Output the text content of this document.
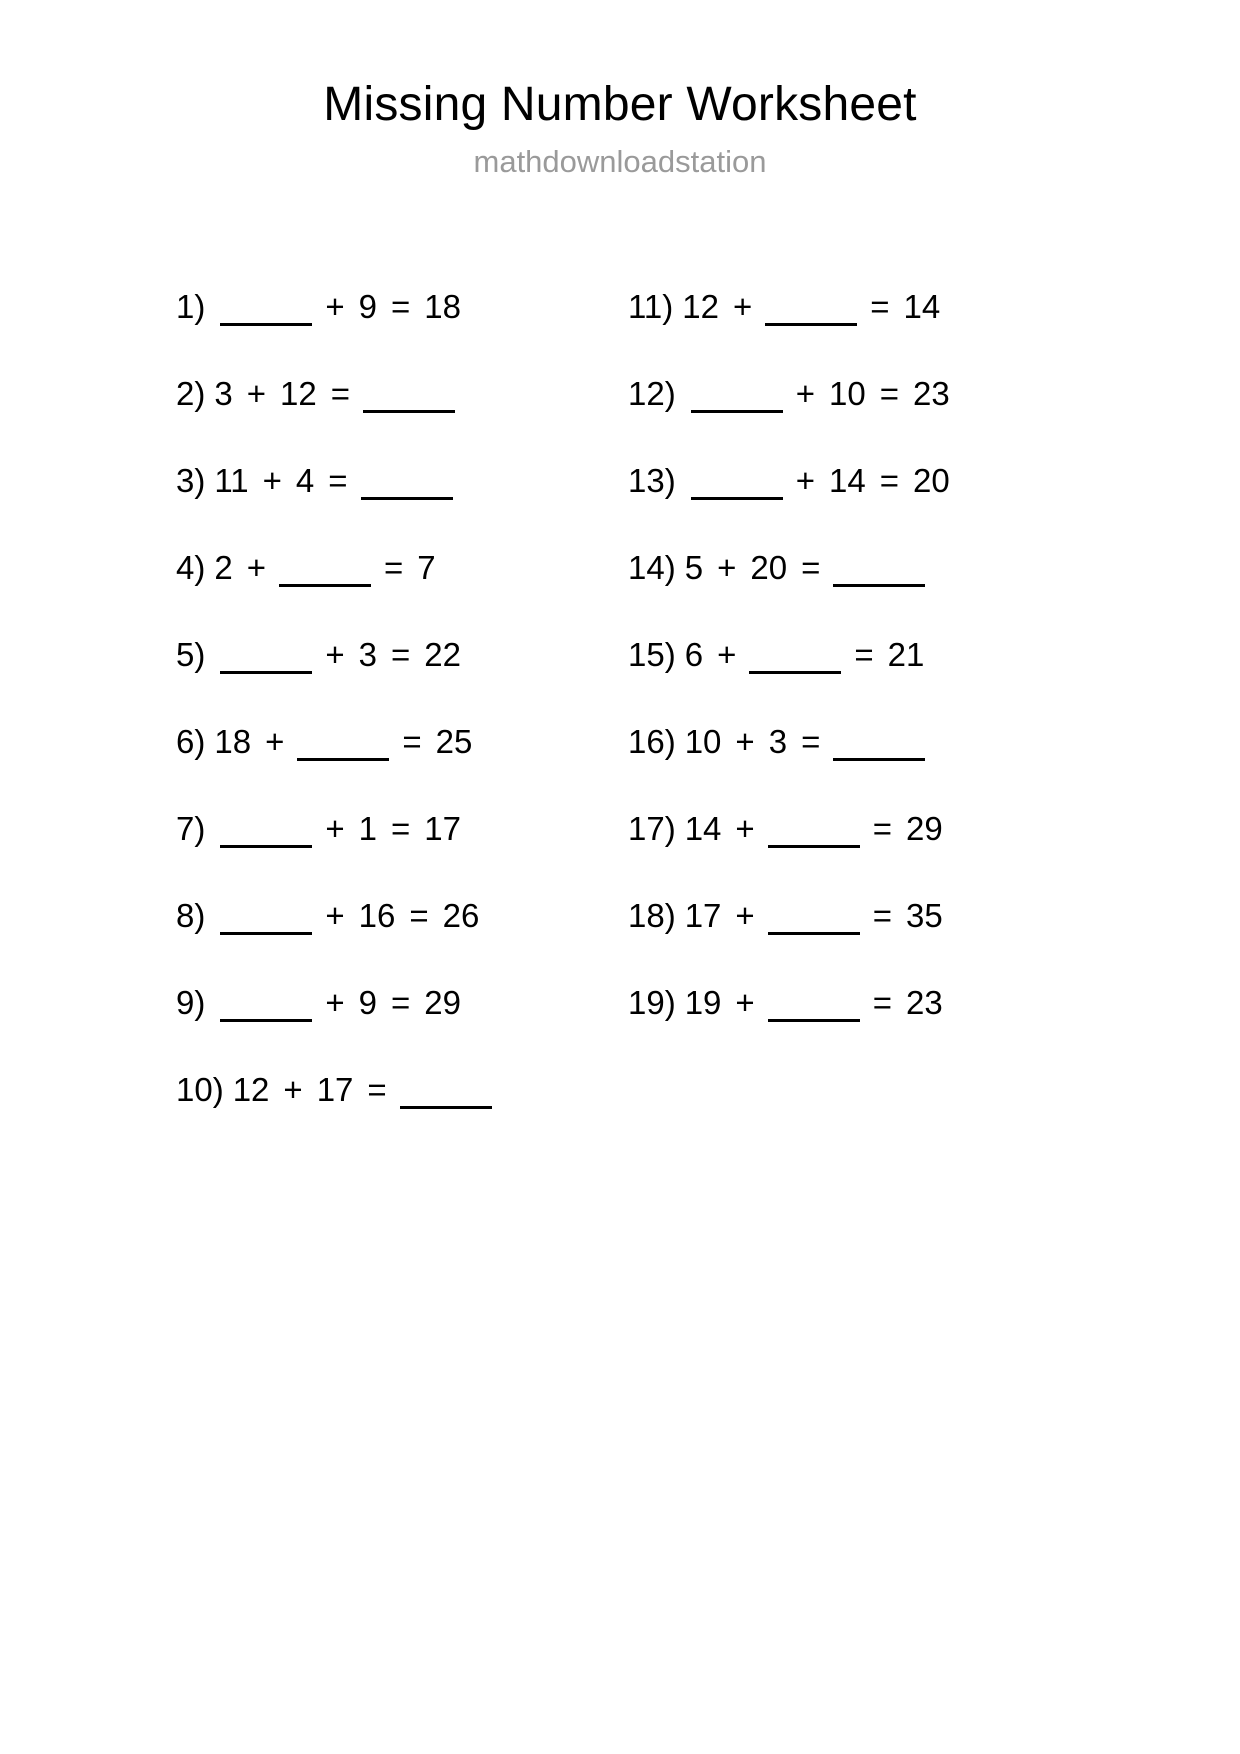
Missing Number Worksheet
mathdownloadstation
1)	+ 9 = 18
2) 3 + 12 =
3) 11 + 4 =
4) 2 +	= 7
5)	+ 3 = 22
6) 18 +	= 25
7)	+ 1 = 17
8)	+ 16 = 26
9)	+ 9 = 29
10) 12 + 17 =
11) 12 +	= 14
12)	+ 10 = 23
13)	+ 14 = 20
14) 5 + 20 =
15) 6 +	= 21
16) 10 + 3 =
17) 14 +	= 29
18) 17 +	= 35
19) 19 +	= 23
